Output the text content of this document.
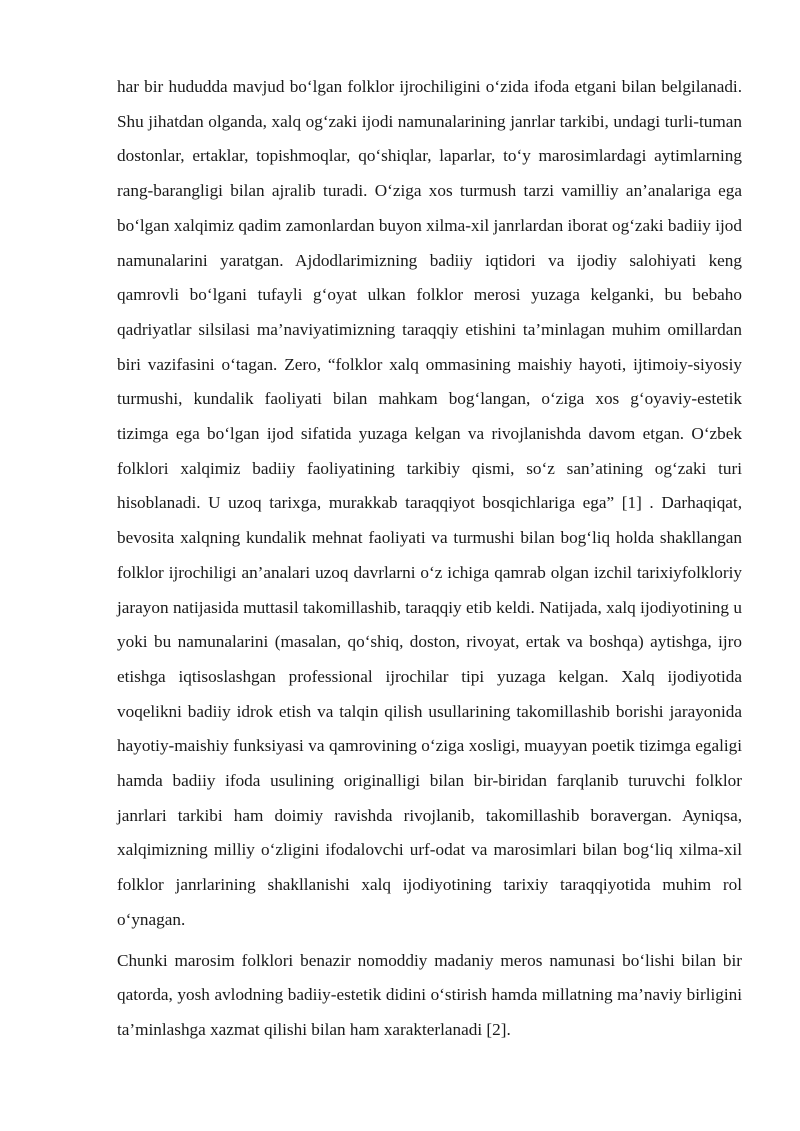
har bir hududda mavjud bo‘lgan folklor ijrochiligini o‘zida ifoda etgani bilan belgilanadi. Shu jihatdan olganda, xalq og‘zaki ijodi namunalarining janrlar tarkibi, undagi turli-tuman dostonlar, ertaklar, topishmoqlar, qo‘shiqlar, laparlar, to‘y marosimlardagi aytimlarning rang-barangligi bilan ajralib turadi. O‘ziga xos turmush tarzi vamilliy an’analariga ega bo‘lgan xalqimiz qadim zamonlardan buyon xilma-xil janrlardan iborat og‘zaki badiiy ijod namunalarini yaratgan. Ajdodlarimizning badiiy iqtidori va ijodiy salohiyati keng qamrovli bo‘lgani tufayli g‘oyat ulkan folklor merosi yuzaga kelganki, bu bebaho qadriyatlar silsilasi ma’naviyatimizning taraqqiy etishini ta’minlagan muhim omillardan biri vazifasini o‘tagan. Zero, “folklor xalq ommasining maishiy hayoti, ijtimoiy-siyosiy turmushi, kundalik faoliyati bilan mahkam bog‘langan, o‘ziga xos g‘oyaviy-estetik tizimga ega bo‘lgan ijod sifatida yuzaga kelgan va rivojlanishda davom etgan. O‘zbek folklori xalqimiz badiiy faoliyatining tarkibiy qismi, so‘z san’atining og‘zaki turi hisoblanadi. U uzoq tarixga, murakkab taraqqiyot bosqichlariga ega” [1] . Darhaqiqat, bevosita xalqning kundalik mehnat faoliyati va turmushi bilan bog‘liq holda shakllangan folklor ijrochiligi an’analari uzoq davrlarni o‘z ichiga qamrab olgan izchil tarixiyfolkloriy jarayon natijasida muttasil takomillashib, taraqqiy etib keldi. Natijada, xalq ijodiyotining u yoki bu namunalarini (masalan, qo‘shiq, doston, rivoyat, ertak va boshqa) aytishga, ijro etishga iqtisoslashgan professional ijrochilar tipi yuzaga kelgan. Xalq ijodiyotida voqelikni badiiy idrok etish va talqin qilish usullarining takomillashib borishi jarayonida hayotiy-maishiy funksiyasi va qamrovining o‘ziga xosligi, muayyan poetik tizimga egaligi hamda badiiy ifoda usulining originalligi bilan bir-biridan farqlanib turuvchi folklor janrlari tarkibi ham doimiy ravishda rivojlanib, takomillashib boravergan. Ayniqsa, xalqimizning milliy o‘zligini ifodalovchi urf-odat va marosimlari bilan bog‘liq xilma-xil folklor janrlarining shakllanishi xalq ijodiyotining tarixiy taraqqiyotida muhim rol o‘ynagan.

Chunki marosim folklori benazir nomoddiy madaniy meros namunasi bo‘lishi bilan bir qatorda, yosh avlodning badiiy-estetik didini o‘stirish hamda millatning ma’naviy birligini ta’minlashga xazmat qilishi bilan ham xarakterlanadi [2].
